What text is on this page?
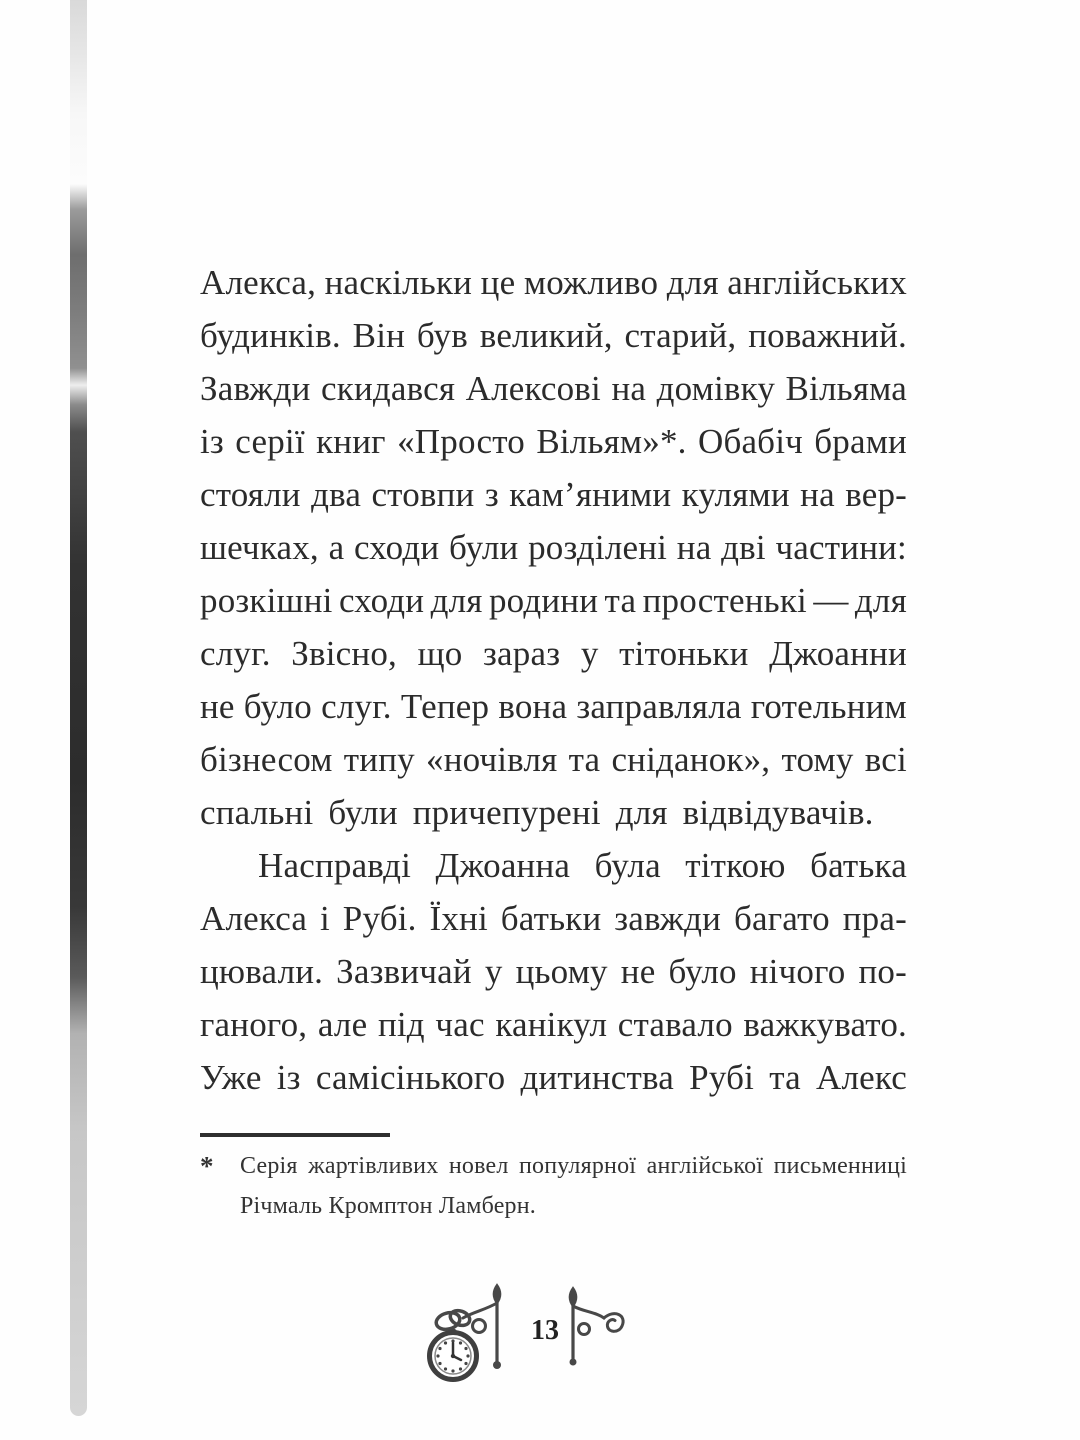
Алекса, наскільки це можливо для англійських
будинків. Він був великий, старий, поважний.
Завжди скидався Алексові на домівку Вільяма
із серії книг «Просто Вільям»*. Обабіч брами
стояли два стовпи з кам’яними кулями на вер-
шечках, а сходи були розділені на дві частини:
розкішні сходи для родини та простенькі — для
слуг. Звісно, що зараз у тітоньки Джоанни
не було слуг. Тепер вона заправляла готельним
бізнесом типу «ночівля та сніданок», тому всі
спальні були причепурені для відвідувачів.
Насправді Джоанна була тіткою батька
Алекса і Рубі. Їхні батьки завжди багато пра-
цювали. Зазвичай у цьому не було нічого по-
ганого, але під час канікул ставало важкувато.
Уже із самісінького дитинства Рубі та Алекс
*	Серія жартівливих новел популярної англійської письменниці
Річмаль Кромптон Ламберн.
13
